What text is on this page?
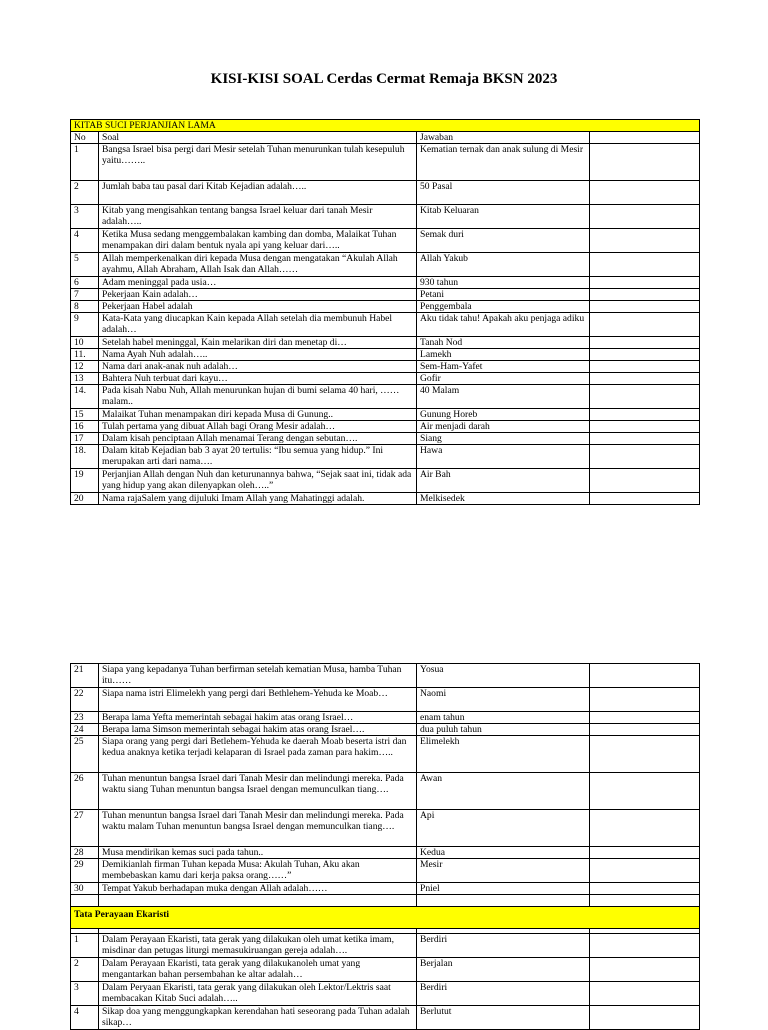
KISI-KISI SOAL Cerdas Cermat Remaja BKSN 2023
KITAB SUCI PERJANJIAN LAMA			
No	Soal	Jawaban	
1	Bangsa Israel bisa pergi dari Mesir setelah Tuhan menurunkan tulah kesepuluh yaitu……..	Kematian ternak dan anak sulung di Mesir	
2	Jumlah baba tau pasal dari Kitab Kejadian adalah…..	50 Pasal	
3	Kitab yang mengisahkan tentang bangsa Israel keluar dari tanah Mesir adalah…..	Kitab Keluaran	
4	Ketika Musa sedang menggembalakan kambing dan domba, Malaikat Tuhan menampakan diri dalam bentuk nyala api yang keluar dari…..	Semak duri	
5	Allah memperkenalkan diri kepada Musa dengan mengatakan “Akulah Allah ayahmu, Allah Abraham, Allah Isak dan Allah……	Allah Yakub	
6	Adam meninggal pada usia…	930 tahun	
7	Pekerjaan Kain adalah…	Petani	
8	Pekerjaan Habel adalah	Penggembala	
9	Kata-Kata yang diucapkan Kain kepada Allah setelah dia membunuh Habel adalah…	Aku tidak tahu! Apakah aku penjaga adiku	
10	Setelah habel meninggal, Kain melarikan diri dan menetap di…	Tanah Nod	
11.	Nama Ayah Nuh adalah…..	Lamekh	
12	Nama dari anak-anak nuh adalah…	Sem-Ham-Yafet	
13	Bahtera Nuh terbuat dari kayu…	Gofir	
14.	Pada kisah Nabu Nuh, Allah menurunkan hujan di bumi selama 40 hari, ……malam..	40 Malam	
15	Malaikat Tuhan menampakan diri kepada Musa di Gunung..	Gunung Horeb	
16	Tulah pertama yang dibuat Allah bagi Orang Mesir adalah…	Air menjadi darah	
17	Dalam kisah penciptaan Allah menamai Terang dengan sebutan….	Siang	
18.	Dalam kitab Kejadian bab 3 ayat 20 tertulis: “Ibu semua yang hidup.” Ini merupakan arti dari nama….	Hawa	
19	Perjanjian Allah dengan Nuh dan keturunannya bahwa, “Sejak saat ini, tidak ada yang hidup yang akan dilenyapkan oleh…..”	Air Bah	
20	Nama rajaSalem yang dijuluki Imam Allah yang Mahatinggi adalah.	Melkisedek	
21	Siapa yang kepadanya Tuhan berfirman setelah kematian Musa, hamba Tuhan itu……	Yosua	
22	Siapa nama istri Elimelekh yang pergi dari Bethlehem-Yehuda ke Moab…	Naomi	
23	Berapa lama Yefta memerintah sebagai hakim atas orang Israel…	enam tahun	
24	Berapa lama Simson memerintah sebagai hakim atas orang Israel….	dua puluh tahun	
25	Siapa orang yang pergi dari Betlehem-Yehuda ke daerah Moab beserta istri dan kedua anaknya ketika terjadi kelaparan di Israel pada zaman para hakim…..	Elimelekh	
26	Tuhan menuntun bangsa Israel dari Tanah Mesir dan melindungi mereka. Pada waktu siang Tuhan menuntun bangsa Israel dengan memunculkan tiang….	Awan	
27	Tuhan menuntun bangsa Israel dari Tanah Mesir dan melindungi mereka. Pada waktu malam Tuhan menuntun bangsa Israel dengan memunculkan tiang….	Api	
28	Musa mendirikan kemas suci pada tahun..	Kedua	
29	Demikianlah firman Tuhan kepada Musa: Akulah Tuhan, Aku akan membebaskan kamu dari kerja paksa orang……”	Mesir	
30	Tempat Yakub berhadapan muka dengan Allah adalah……	Pniel	

Tata Perayaan Ekaristi			

1	Dalam Perayaan Ekaristi, tata gerak yang dilakukan oleh umat ketika imam, misdinar dan petugas liturgi memasukiruangan gereja adalah….	Berdiri	
2	Dalam Perayaan Ekaristi, tata gerak yang dilakukanoleh umat yang mengantarkan bahan persembahan ke altar adalah…	Berjalan	
3	Dalam Peryaan Ekaristi, tata gerak yang dilakukan oleh Lektor/Lektris saat membacakan Kitab Suci adalah…..	Berdiri	
4	Sikap doa yang menggungkapkan kerendahan hati seseorang pada Tuhan adalah sikap…	Berlutut	
